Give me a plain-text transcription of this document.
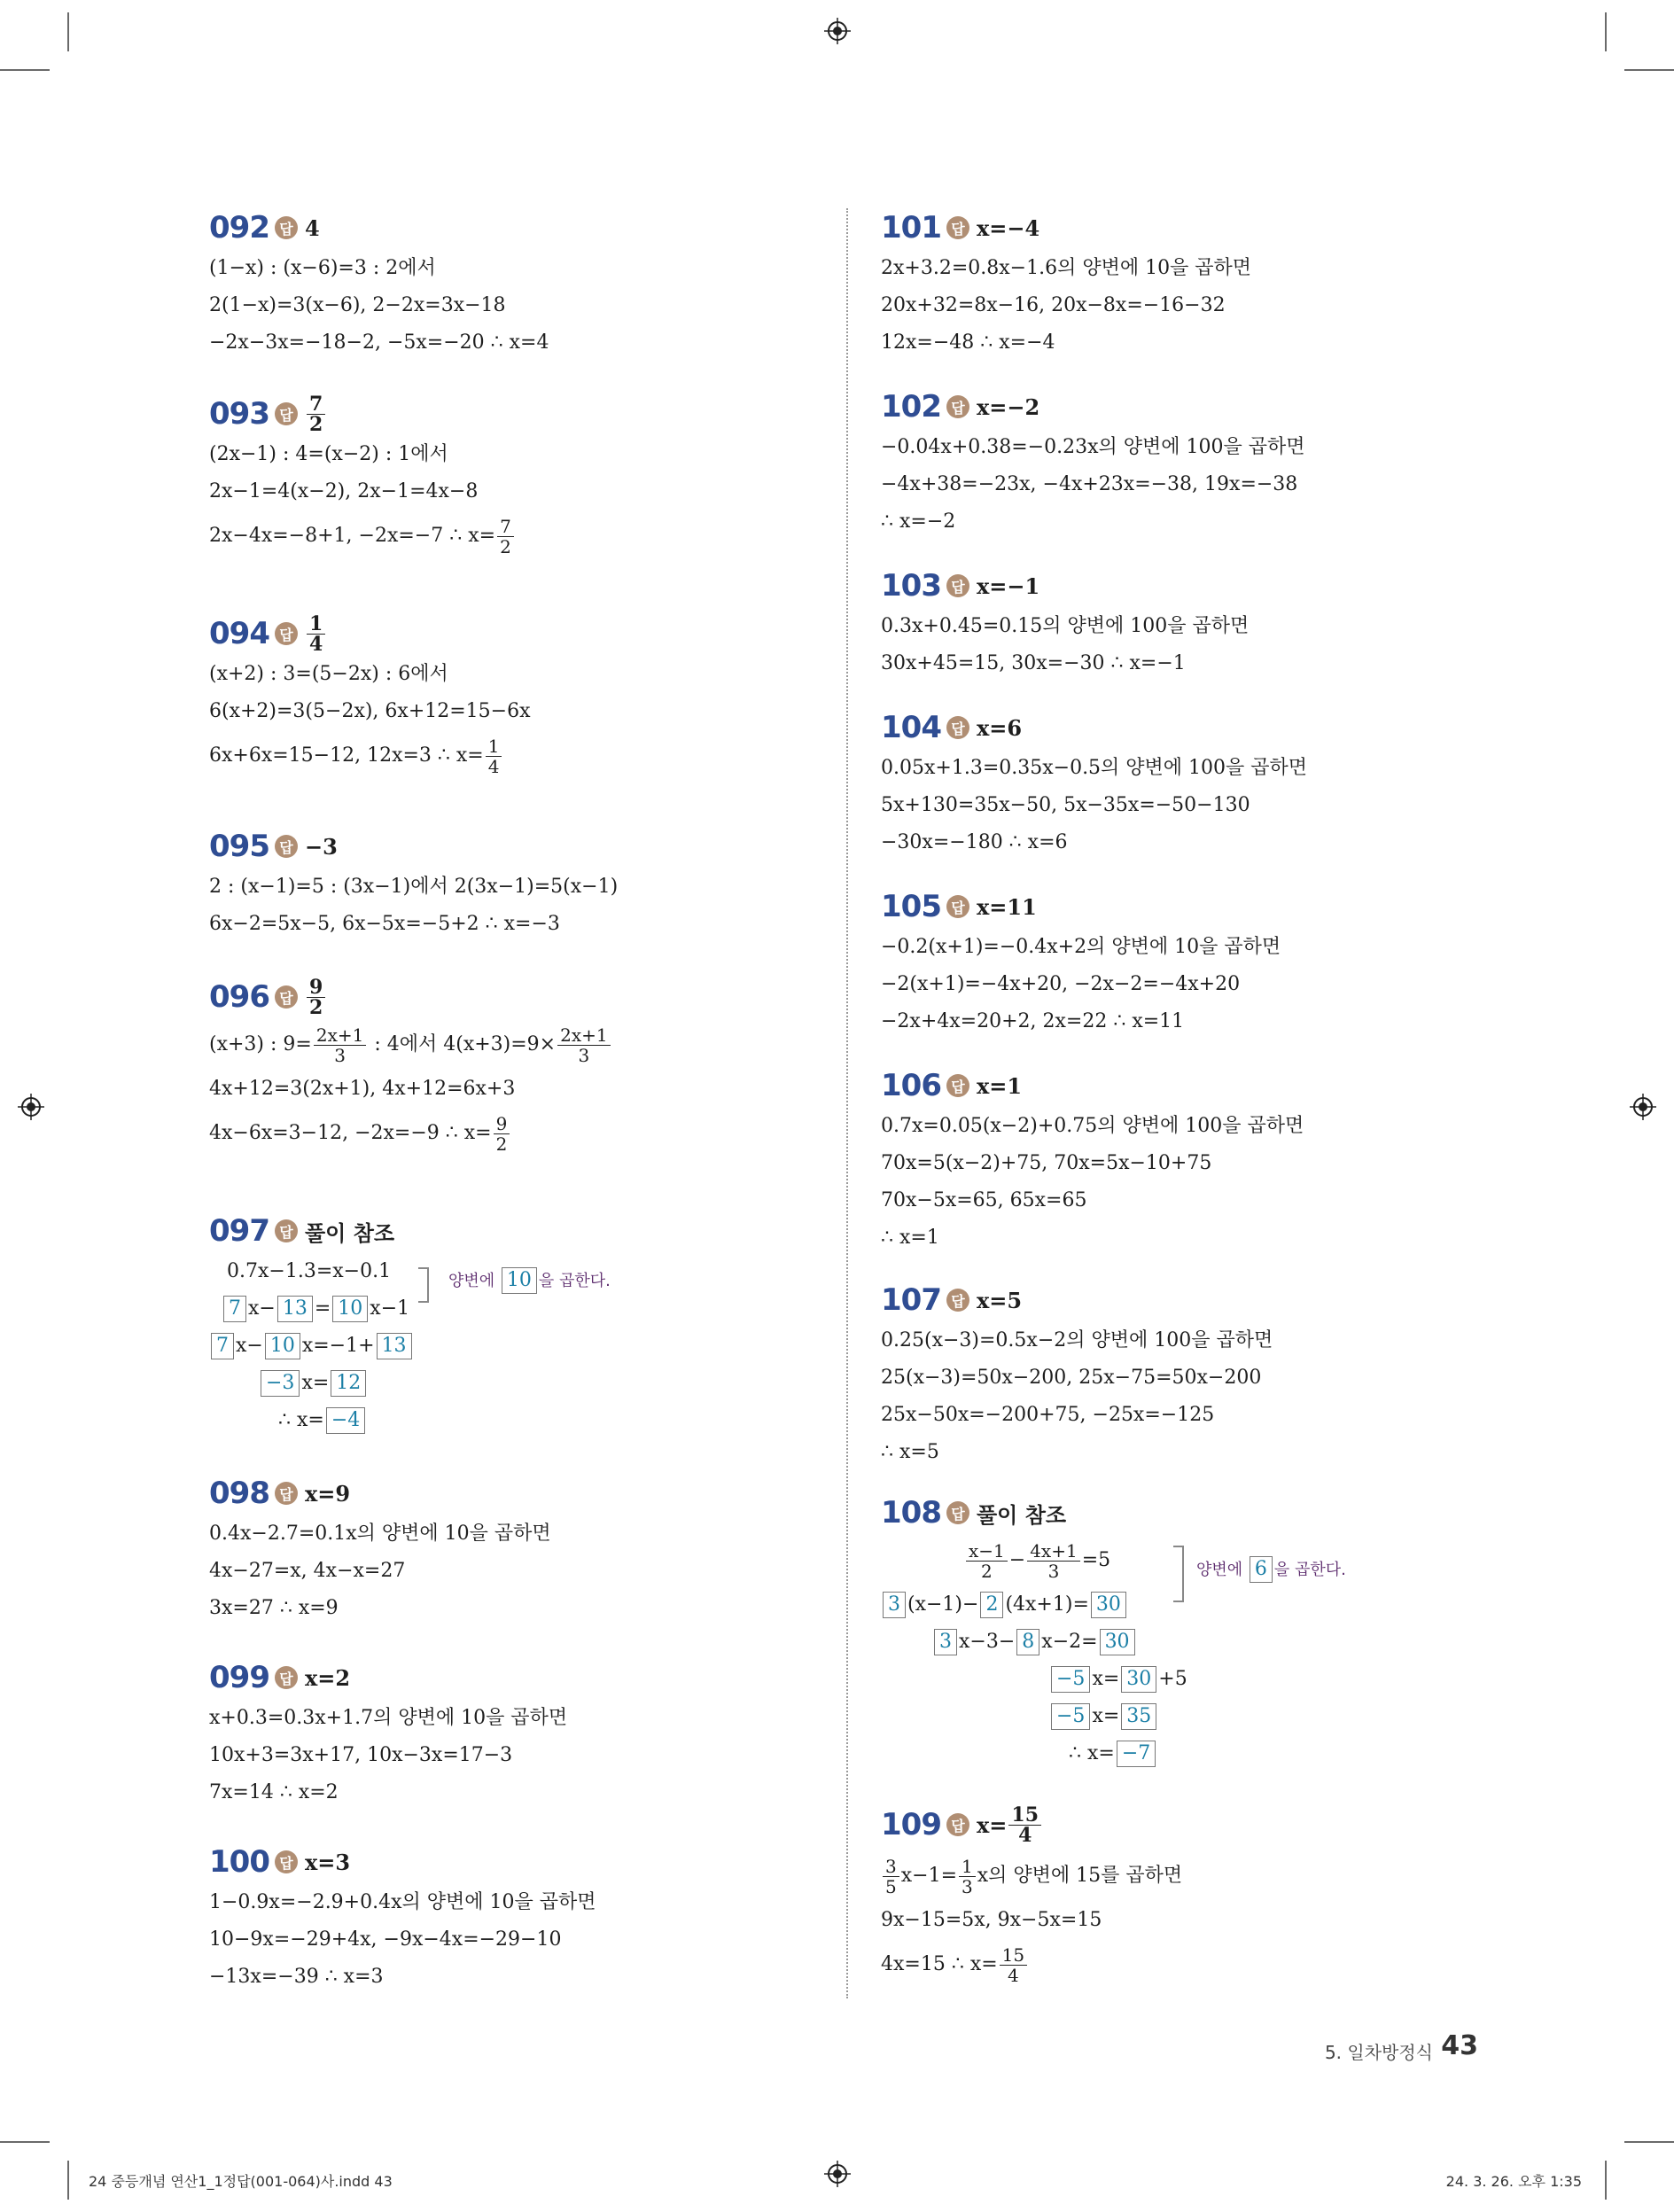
092 답 4
(1−x) : (x−6)=3 : 2에서
2(1−x)=3(x−6), 2−2x=3x−18
−2x−3x=−18−2, −5x=−20 ∴ x=4
093 답 $\frac{7}{2}$
(2x−1) : 4=(x−2) : 1에서
2x−1=4(x−2), 2x−1=4x−8
2x−4x=−8+1, −2x=−7 ∴ $x= \frac{7}{2}$
094 답 $\frac{1}{4}$
(x+2) : 3=(5−2x) : 6에서
6(x+2)=3(5−2x), 6x+12=15−6x
6x+6x=15−12, 12x=3 ∴ $x= \frac{1}{4}$
095 답 −3
2 : (x−1)=5 : (3x−1)에서 2(3x−1)=5(x−1)
6x−2=5x−5, 6x−5x=−5+2 ∴ x=−3
096 답 $\frac{9}{2}$
(x+3) : $9= \frac{2x+1}{3}$ : 4에서 $4(x+3)=9\times \frac{2x+1}{3}$
4x+12=3(2x+1), 4x+12=6x+3
4x−6x=3−12, −2x=−9 ∴ $x= \frac{9}{2}$
097 답 풀이 참조
0.7x−1.3=x−0.1
7 x− 13 = 10 x−1
7 x− 10 x=−1+ 13
−3 x= 12
∴ x= −4
양변에 10 을 곱한다.
098 답 x=9
0.4x−2.7=0.1x의 양변에 10을 곱하면
4x−27=x, 4x−x=27
3x=27 ∴ x=9
099 답 x=2
x+0.3=0.3x+1.7의 양변에 10을 곱하면
10x+3=3x+17, 10x−3x=17−3
7x=14 ∴ x=2
100 답 x=3
1−0.9x=−2.9+0.4x의 양변에 10을 곱하면
10−9x=−29+4x, −9x−4x=−29−10
−13x=−39 ∴ x=3
101 답 x=−4
2x+3.2=0.8x−1.6의 양변에 10을 곱하면
20x+32=8x−16, 20x−8x=−16−32
12x=−48 ∴ x=−4
102 답 x=−2
−0.04x+0.38=−0.23x의 양변에 100을 곱하면
−4x+38=−23x, −4x+23x=−38, 19x=−38
∴ x=−2
103 답 x=−1
0.3x+0.45=0.15의 양변에 100을 곱하면
30x+45=15, 30x=−30 ∴ x=−1
104 답 x=6
0.05x+1.3=0.35x−0.5의 양변에 100을 곱하면
5x+130=35x−50, 5x−35x=−50−130
−30x=−180 ∴ x=6
105 답 x=11
−0.2(x+1)=−0.4x+2의 양변에 10을 곱하면
−2(x+1)=−4x+20, −2x−2=−4x+20
−2x+4x=20+2, 2x=22 ∴ x=11
106 답 x=1
0.7x=0.05(x−2)+0.75의 양변에 100을 곱하면
70x=5(x−2)+75, 70x=5x−10+75
70x−5x=65, 65x=65
∴ x=1
107 답 x=5
0.25(x−3)=0.5x−2의 양변에 100을 곱하면
25(x−3)=50x−200, 25x−75=50x−200
25x−50x=−200+75, −25x=−125
∴ x=5
108 답 풀이 참조
$\frac{x-1}{2} - \frac{4x+1}{3} =5$
3 (x−1)− 2 (4x+1)= 30
3 x−3− 8 x−2= 30
−5 x= 30 +5
−5 x= 35
∴ x= −7
양변에 6 을 곱한다.
109 답 $x= \frac{15}{4}$
$\frac{3}{5} x-1= \frac{1}{3}$ x의 양변에 15를 곱하면
9x−15=5x, 9x−5x=15
4x=15 ∴ $x= \frac{15}{4}$
5. 일차방정식 43
24 중등개념 연산1_1정답(001-064)사.indd 43	24. 3. 26. 오후 1:35
